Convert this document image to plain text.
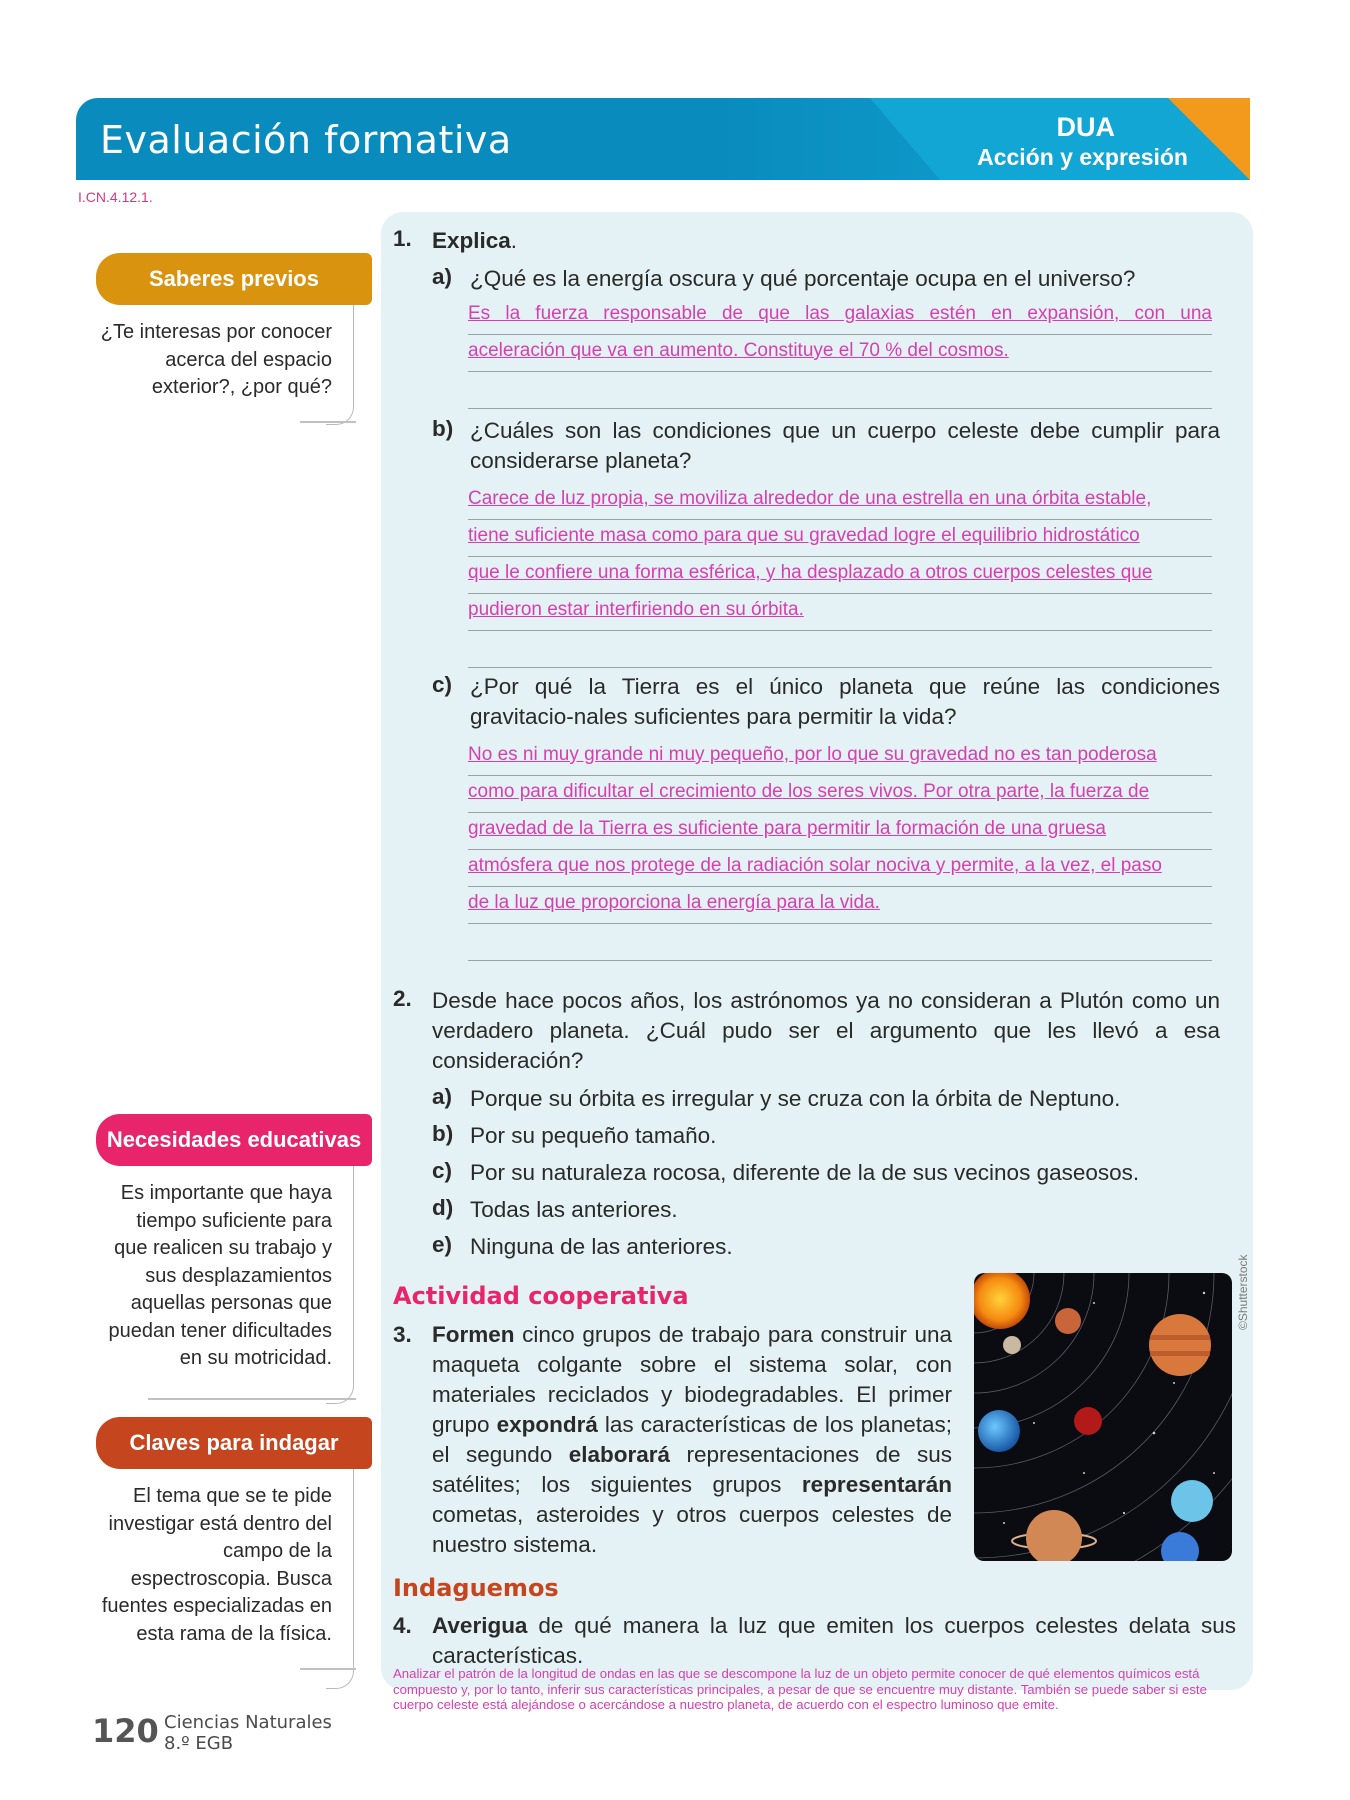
Evaluación formativa	DUA
Acción y expresión
I.CN.4.12.1.
Saberes previos
¿Te interesas por conocer
acerca del espacio
exterior?, ¿por qué?
Necesidades educativas
Es importante que haya
tiempo suficiente para
que realicen su trabajo y
sus desplazamientos
aquellas personas que
puedan tener dificultades
en su motricidad.
Claves para indagar
El tema que se te pide
investigar está dentro del
campo de la
espectroscopia. Busca
fuentes especializadas en
esta rama de la física.
1. Explica.
a) ¿Qué es la energía oscura y qué porcentaje ocupa en el universo?
Es la fuerza responsable de que las galaxias estén en expansión, con una
aceleración que va en aumento. Constituye el 70 % del cosmos.
b) ¿Cuáles son las condiciones que un cuerpo celeste debe cumplir para considerarse planeta?
Carece de luz propia, se moviliza alrededor de una estrella en una órbita estable,
tiene suficiente masa como para que su gravedad logre el equilibrio hidrostático
que le confiere una forma esférica, y ha desplazado a otros cuerpos celestes que
pudieron estar interfiriendo en su órbita.
c) ¿Por qué la Tierra es el único planeta que reúne las condiciones gravitacio-nales suficientes para permitir la vida?
No es ni muy grande ni muy pequeño, por lo que su gravedad no es tan poderosa
como para dificultar el crecimiento de los seres vivos. Por otra parte, la fuerza de
gravedad de la Tierra es suficiente para permitir la formación de una gruesa
atmósfera que nos protege de la radiación solar nociva y permite, a la vez, el paso
de la luz que proporciona la energía para la vida.
2. Desde hace pocos años, los astrónomos ya no consideran a Plutón como un verdadero planeta. ¿Cuál pudo ser el argumento que les llevó a esa consideración?
a) Porque su órbita es irregular y se cruza con la órbita de Neptuno.
b) Por su pequeño tamaño.
c) Por su naturaleza rocosa, diferente de la de sus vecinos gaseosos.
d) Todas las anteriores.
e) Ninguna de las anteriores.
Actividad cooperativa
3. Formen cinco grupos de trabajo para construir una maqueta colgante sobre el sistema solar, con materiales reciclados y biodegradables. El primer grupo expondrá las características de los planetas; el segundo elaborará representaciones de sus satélites; los siguientes grupos representarán cometas, asteroides y otros cuerpos celestes de nuestro sistema.
©Shutterstock
Indaguemos
4. Averigua de qué manera la luz que emiten los cuerpos celestes delata sus características.
Analizar el patrón de la longitud de ondas en las que se descompone la luz de un objeto permite conocer de qué elementos químicos está compuesto y, por lo tanto, inferir sus características principales, a pesar de que se encuentre muy distante. También se puede saber si este cuerpo celeste está alejándose o acercándose a nuestro planeta, de acuerdo con el espectro luminoso que emite.
120 Ciencias Naturales
8.º EGB
